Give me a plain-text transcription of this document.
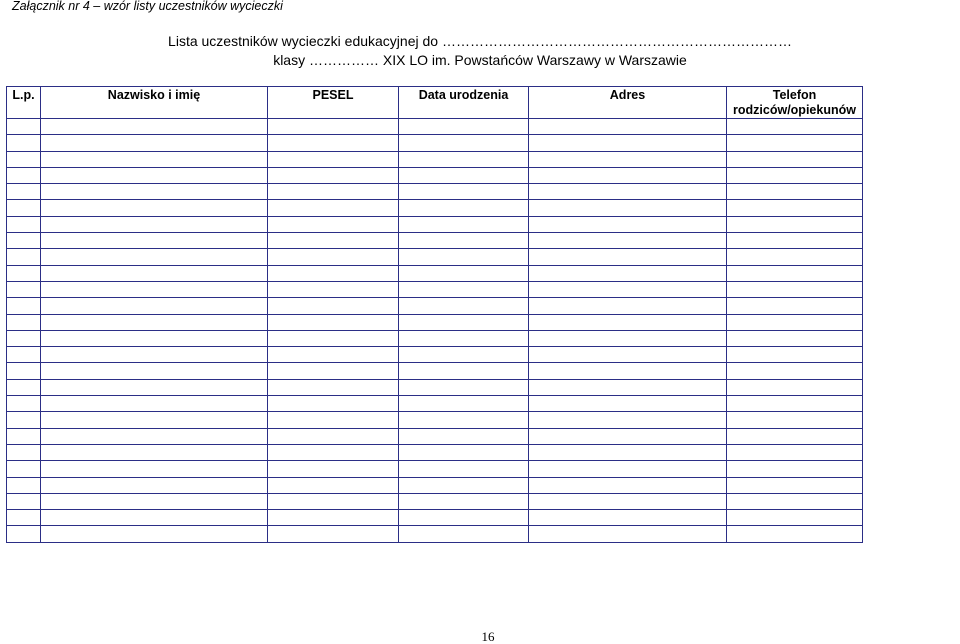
Załącznik nr 4 – wzór listy uczestników wycieczki
Lista uczestników wycieczki edukacyjnej do …………………………………………………………………
klasy …………… XIX LO im. Powstańców Warszawy w Warszawie
L.p.	Nazwisko i imię	PESEL	Data urodzenia	Adres	Telefon rodziców/opiekunów

16
